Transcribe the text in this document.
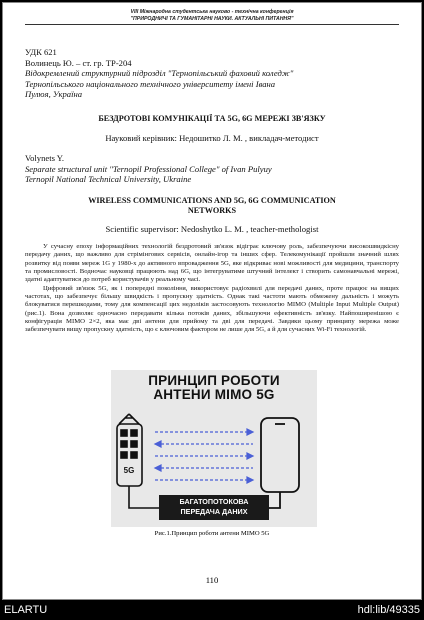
VIII Міжнародна студентська науково - технічна конференція
"ПРИРОДНИЧІ ТА ГУМАНІТАРНІ НАУКИ. АКТУАЛЬНІ ПИТАННЯ"
УДК 621
Волинець Ю. – ст. гр. ТР-204
Відокремлений структурний підрозділ "Тернопільський фаховий коледж"
Тернопільського національного технічного університету імені Івана
Пулюя, Україна
БЕЗДРОТОВІ КОМУНІКАЦІЇ ТА 5G, 6G МЕРЕЖІ ЗВ'ЯЗКУ
Науковий керівник: Недошитко Л. М. , викладач-методист
Volynets Y.
Separate structural unit "Ternopil Professional College" of Ivan Pulyuy
Ternopil National Technical University, Ukraine
WIRELESS COMMUNICATIONS AND 5G, 6G COMMUNICATION
NETWORKS
Scientific supervisor: Nedoshytko L. M. , teacher-methologist

У сучасну епоху інформаційних технологій бездротовий зв'язок відіграє ключову роль, забезпечуючи високошвидкісну передачу даних, що важливо для стрімінгових сервісів, онлайн-ігор та інших сфер. Телекомунікації пройшли значний шлях розвитку від появи мереж 1G у 1980-х до активного впровадження 5G, яке відкриває нові можливості для медицини, транспорту та промисловості. Водночас науковці працюють над 6G, що інтегруватиме штучний інтелект і створить самонавчальні мережі, здатні адаптуватися до потреб користувачів у реальному часі.

Цифровий зв'язок 5G, як і попередні покоління, використовує радіохвилі для передачі даних, проте працює на вищих частотах, що забезпечує більшу швидкість і пропускну здатність. Однак такі частоти мають обмежену дальність і можуть блокуватися перешкодами, тому для компенсації цих недоліків застосовують технологію MIMO (Multiple Input Multiple Output) (рис.1). Вона дозволяє одночасно передавати кілька потоків даних, збільшуючи ефективність зв'язку. Найпоширенішою є конфігурація MIMO 2×2, яка має дві антени для прийому та дві для передачі. Завдяки цьому принципу мережа може забезпечувати вищу пропускну здатність, що є ключовим фактором не лише для 5G, а й для сучасних Wi-Fi технологій.

ПРИНЦИП РОБОТИ
АНТЕНИ MIMO 5G
5G
БАГАТОПОТОКОВА
ПЕРЕДАЧА ДАНИХ
Рис.1.Принцип роботи антени MIMO 5G
110
ELARTU	hdl:lib/49335
